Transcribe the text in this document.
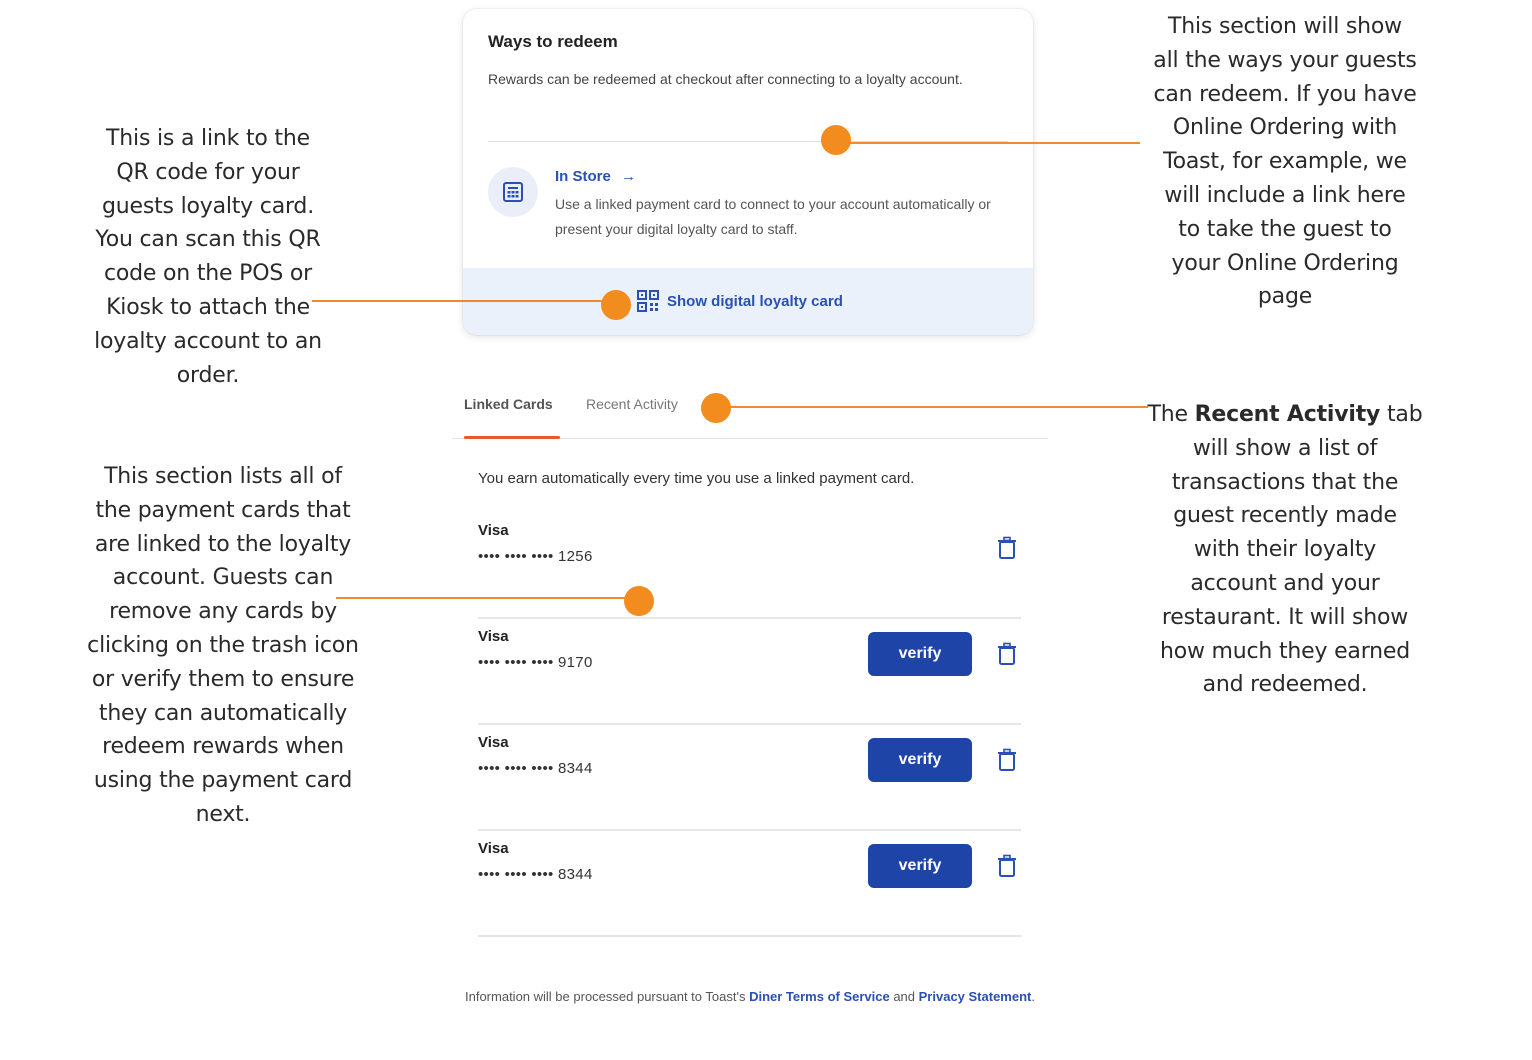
This is a link to the
QR code for your
guests loyalty card.
You can scan this QR
code on the POS or
Kiosk to attach the
loyalty account to an
order.
This section will show
all the ways your guests
can redeem. If you have
Online Ordering with
Toast, for example, we
will include a link here
to take the guest to
your Online Ordering
page
This section lists all of
the payment cards that
are linked to the loyalty
account. Guests can
remove any cards by
clicking on the trash icon
or verify them to ensure
they can automatically
redeem rewards when
using the payment card
next.
The Recent Activity tab
will show a list of
transactions that the
guest recently made
with their loyalty
account and your
restaurant. It will show
how much they earned
and redeemed.
Ways to redeem
Rewards can be redeemed at checkout after connecting to a loyalty account.
In Store →
Use a linked payment card to connect to your account automatically or present your digital loyalty card to staff.
Show digital loyalty card
Linked Cards Recent Activity
You earn automatically every time you use a linked payment card.
Visa
•••• •••• •••• 1256
Visa
•••• •••• •••• 9170
verify
Visa
•••• •••• •••• 8344
verify
Visa
•••• •••• •••• 8344
verify
Information will be processed pursuant to Toast's Diner Terms of Service and Privacy Statement.
